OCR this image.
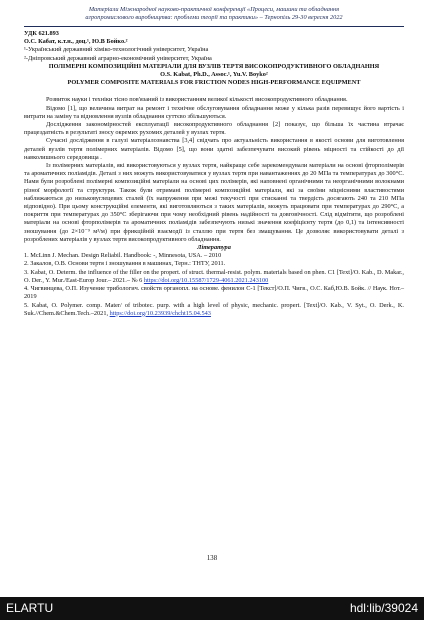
Матеріали Міжнародної науково-практичної конференції «Процеси, машини та обладнання
агропромислового виробництва: проблеми теорії та практики» – Тернопіль 29-30 вересня 2022

УДК 621.893

О.С. Кабат, к.т.н., доц.¹, Ю.В Бойко.²

¹-Український державний хіміко-технологічний університет, Україна

²-Дніпровський державний аграрно-економічний університет, Україна

ПОЛІМЕРНІ КОМПОЗИЦІЙНІ МАТЕРІАЛИ ДЛЯ ВУЗЛІВ ТЕРТЯ ВИСОКОПРОДУКТИВНОГО ОБЛАДНАННЯ

O.S. Kabat, Ph.D., Assoc.¹, Yu.V. Boyko²

POLYMER COMPOSITE MATERIALS FOR FRICTION NODES HIGH-PERFORMANCE EQUIPMENT

Розвиток науки і техніки тісно пов'язаний із використанням великої кількості високопродуктивного обладнання.

Відомо [1], що величина витрат на ремонт і технічне обслуговування обладнання може у кілька разів перевищує його вартість і витрати на заміну та відновлення вузлів обладнання суттєво збільшуються.

Дослідження закономірностей експлуатації високопродуктивного обладнання [2] показує, що більша їх частина втрачає працездатність в результаті зносу окремих рухомих деталей у вузлах тертя.

Сучасні дослідження в галузі матеріалознавства [3,4] свідчать про актуальність використання в якості основи для виготовлення деталей вузлів тертя полімерних матеріалів. Відомо [5], що вони здатні забезпечувати високий рівень міцності та стійкості до дії навколишнього середовища .

Із полімерних матеріалів, які використовуються у вузлах тертя, найкраще себе зарекомендували матеріали на основі фторполімерів та ароматичних поліамідів. Деталі з них можуть використовуватися у вузлах тертя при навантаженнях до 20 МПа та температурах до 300°С. Нами були розроблені полімерні композиційні матеріали на основі цих полімерів, які наповнені органічними та неорганічними волокнами різної морфології та структури. Також були отримані полімерні композиційні матеріали, які за своїми міцнісними властивостями наближаються до низьковуглецевих сталей (їх напруження при межі текучості при стисканні та твердість досягають 240 та 210 МПа відповідно). При цьому конструкційні елементи, які виготовляються з таких матеріалів, можуть працювати при температурах до 290°С, а покриття при температурах до 350°С зберігаючи при чому необхідний рівень надійності та довговічності. Слід відмітити, що розроблені матеріали на основі фторполімерів та ароматичних поліамідів забезпечують низькі значення коефіцієнту тертя (до 0,1) та інтенсивності зношування (до 2×10⁻⁹ м³/м) при фрикційній взаємодії із сталлю при тертя без змащування. Це дозволяє використовувати деталі з розроблених матеріалів у вузлах тертя високопродуктивного обладнання.

Література

1. McLinn J. Mechan. Design Reliabil. Handbook: -, Minnesota, USA. – 2010

2. Закалов, О.В. Основи тертя і зношування в машинах, Терн.: ТНТУ, 2011.

3. Kabat, O. Determ. the influence of the filler on the propert. of struct. thermal-resist. polym. materials based on phen. C1 [Text]/O. Kab., D. Makar., O. Der., Y. Mur./East-Europ Jour.– 2021.– № 6 https://doi.org/10.15587/1729-4061.2021.243100

4. Чигвинцева, О.П. Изучение трибологич. свойств органопл. на основе. фенилон С-1 [Текст]/О.П. Чигв., О.С. Каб,Ю.В. Бойк. // Наук. Нот.– 2019

5. Kabat, O. Polymer. comp. Mater/ of tribotec. purp. with a high level of physic, mechanic. propert. [Text]/O. Kab., V. Syt., O. Derk., K. Suk.//Chem.&Chem.Tech.–2021, https://doi.org/10.23939/chcht15.04.543

138
ELARTU	hdl:lib/39024
